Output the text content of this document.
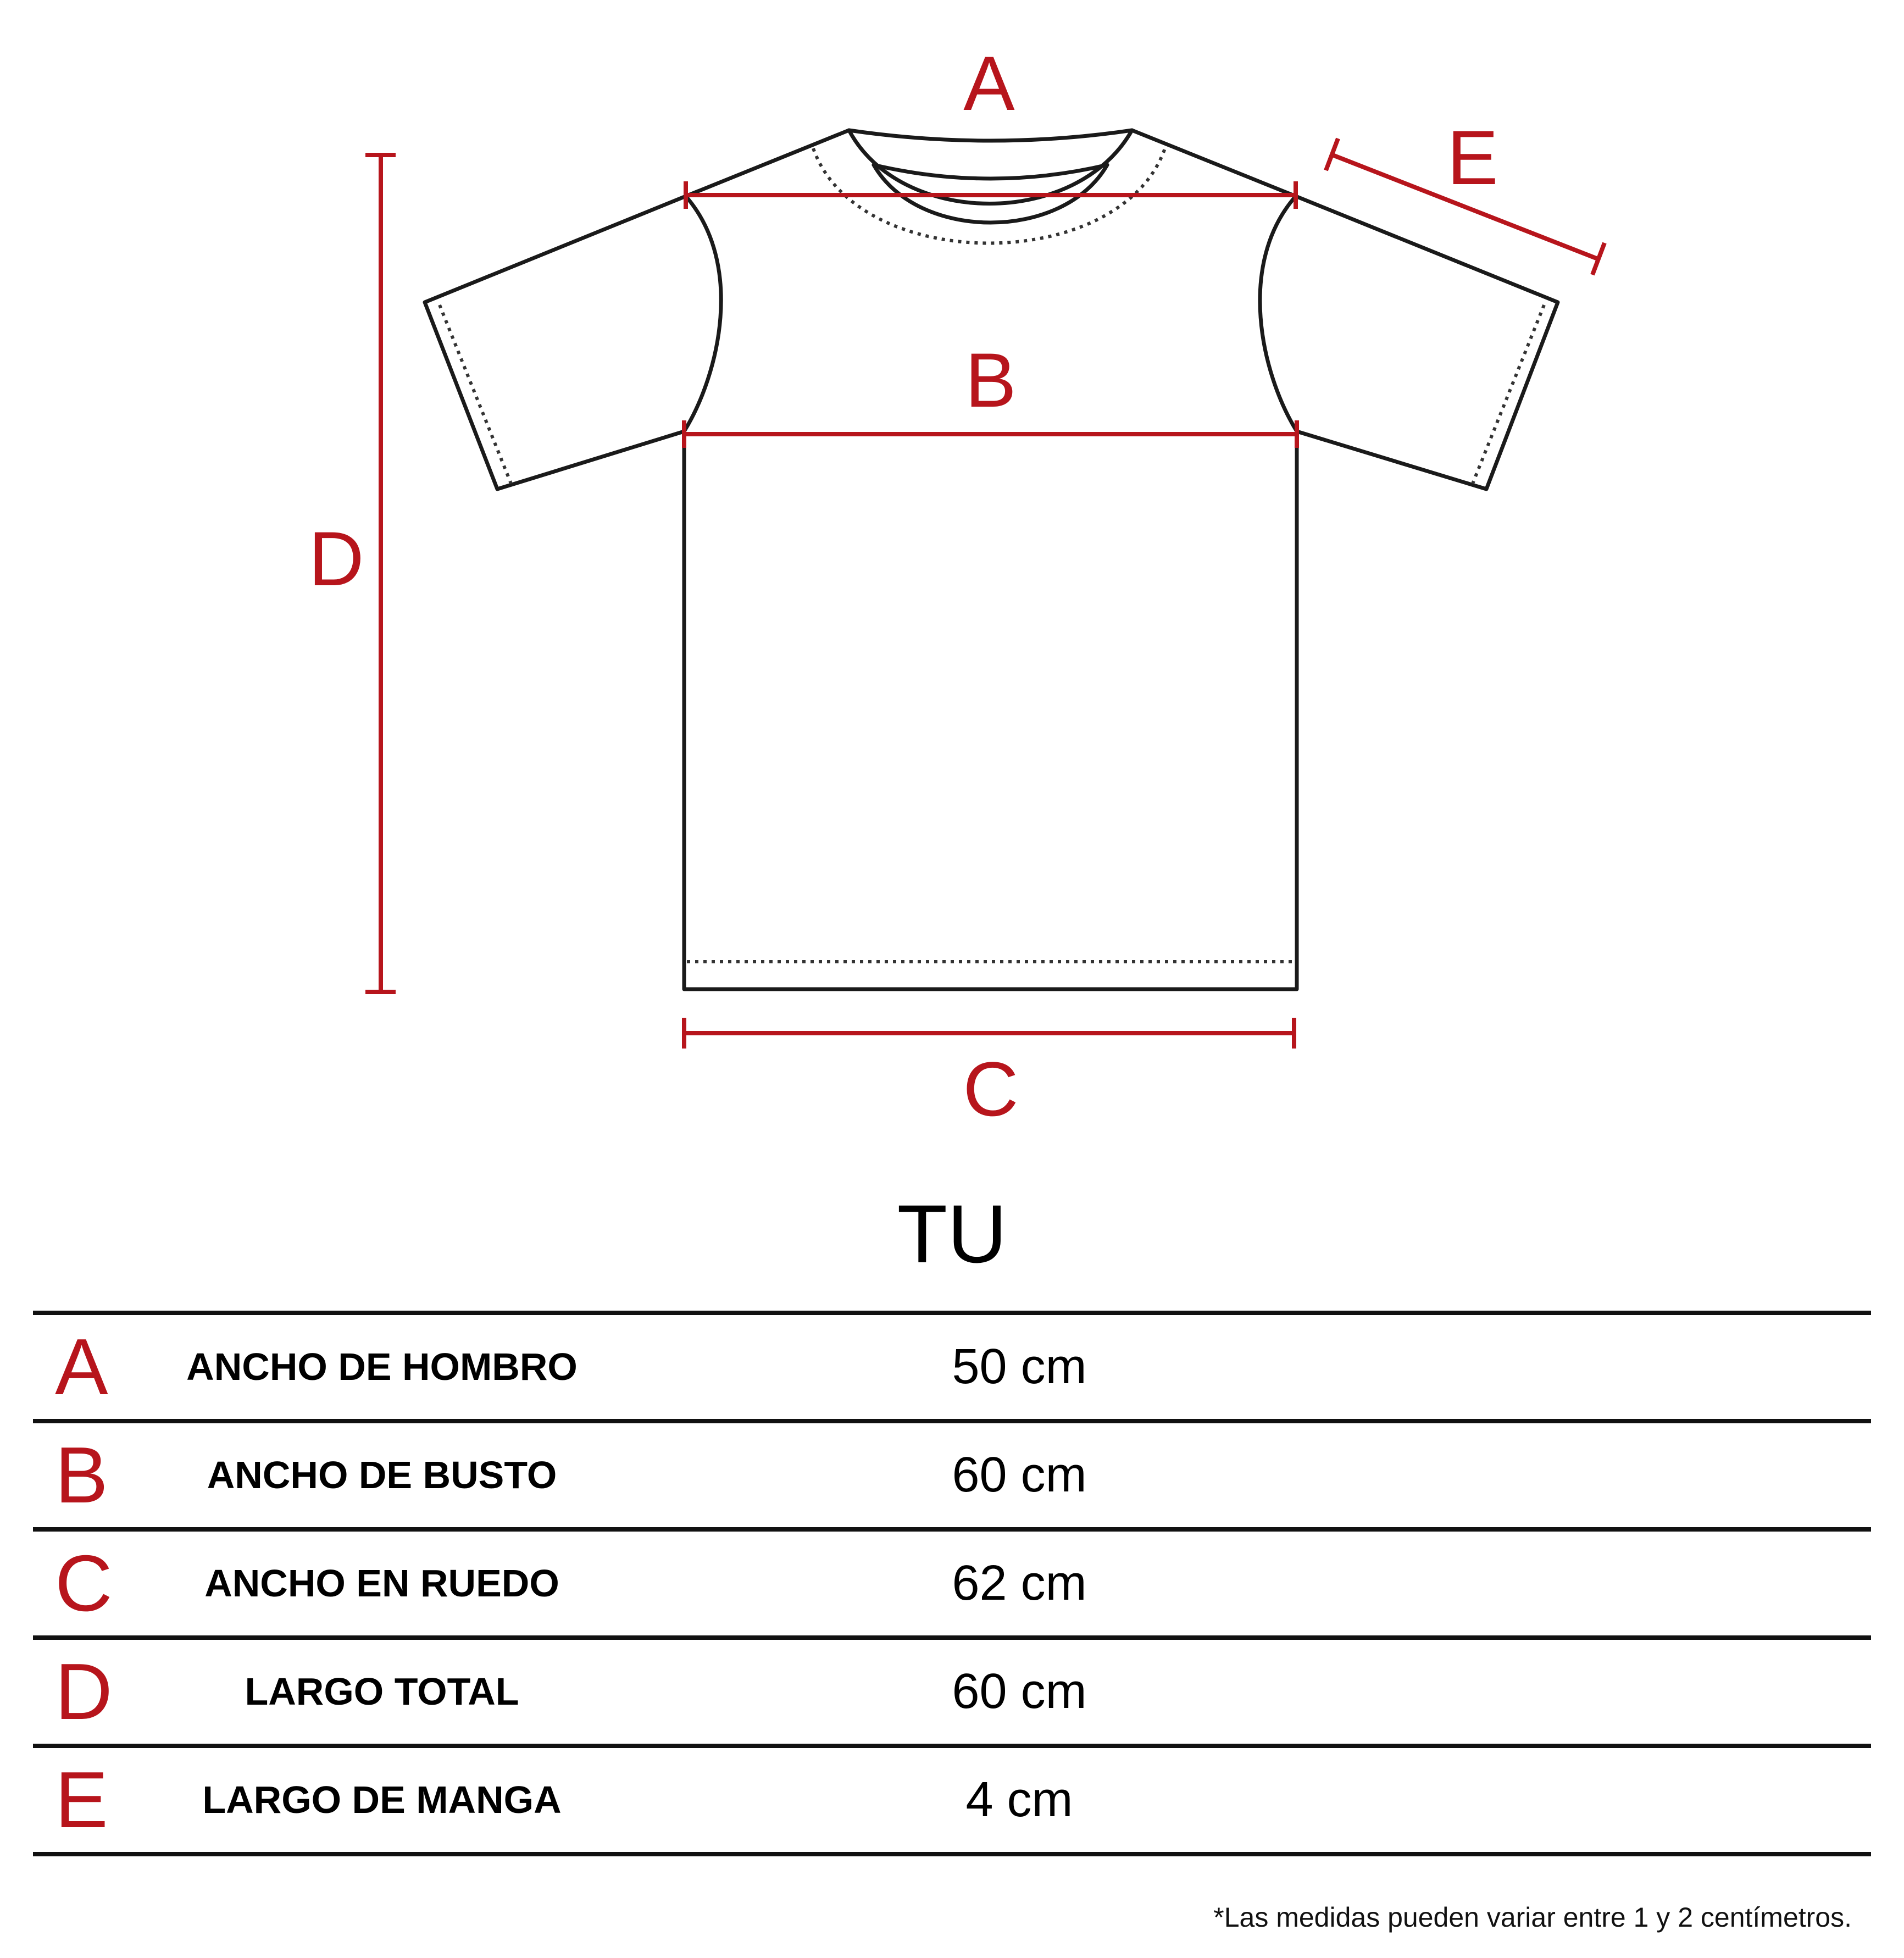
A
B
C
D
E
TU
A	ANCHO DE HOMBRO	50 cm
B	ANCHO DE BUSTO	60 cm
C	ANCHO EN RUEDO	62 cm
D	LARGO TOTAL	60 cm
E	LARGO DE MANGA	4 cm
*Las medidas pueden variar entre 1 y 2 centímetros.
